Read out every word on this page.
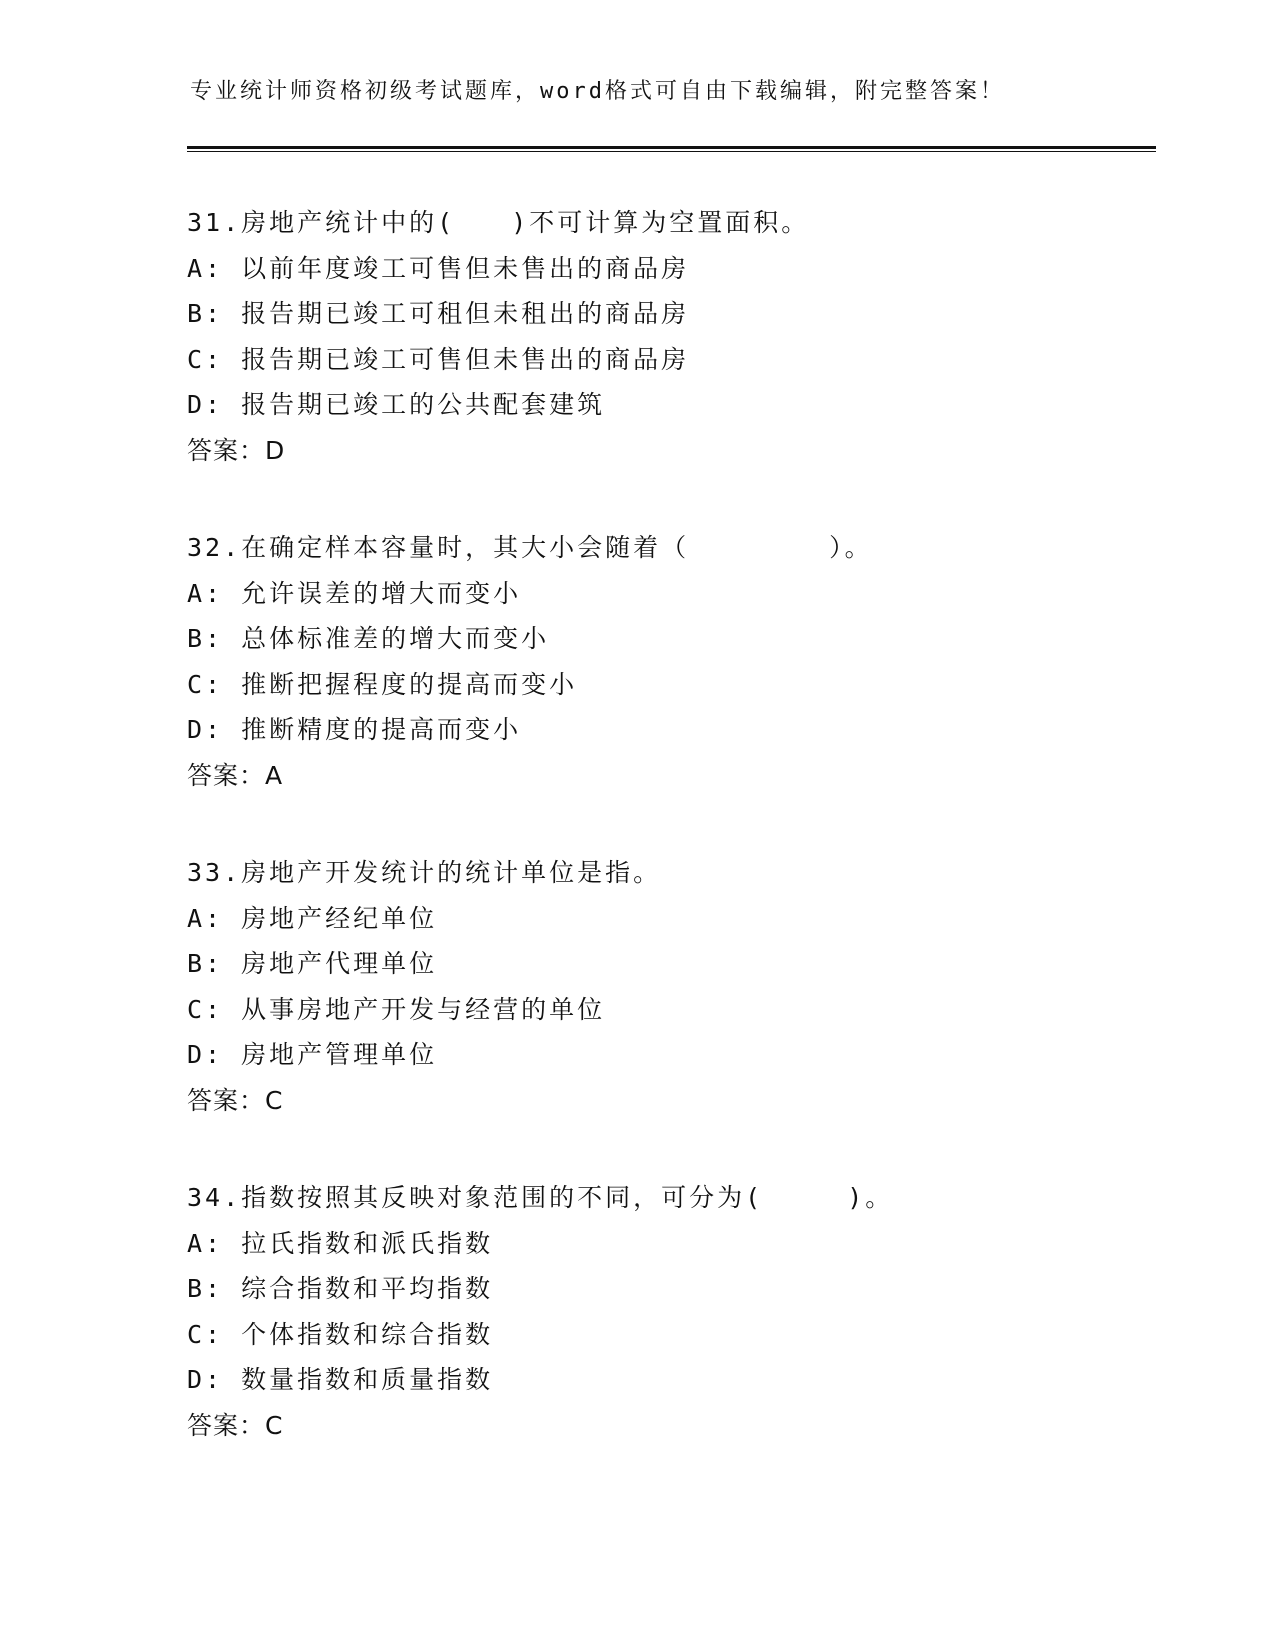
专业统计师资格初级考试题库，word格式可自由下载编辑，附完整答案！
31.房地产统计中的(　　)不可计算为空置面积。
A: 以前年度竣工可售但未售出的商品房
B: 报告期已竣工可租但未租出的商品房
C: 报告期已竣工可售但未售出的商品房
D: 报告期已竣工的公共配套建筑
答案：D
32.在确定样本容量时，其大小会随着（　　　　　）。
A: 允许误差的增大而变小
B: 总体标准差的增大而变小
C: 推断把握程度的提高而变小
D: 推断精度的提高而变小
答案：A
33.房地产开发统计的统计单位是指。
A: 房地产经纪单位
B: 房地产代理单位
C: 从事房地产开发与经营的单位
D: 房地产管理单位
答案：C
34.指数按照其反映对象范围的不同，可分为(　　　)。
A: 拉氏指数和派氏指数
B: 综合指数和平均指数
C: 个体指数和综合指数
D: 数量指数和质量指数
答案：C
